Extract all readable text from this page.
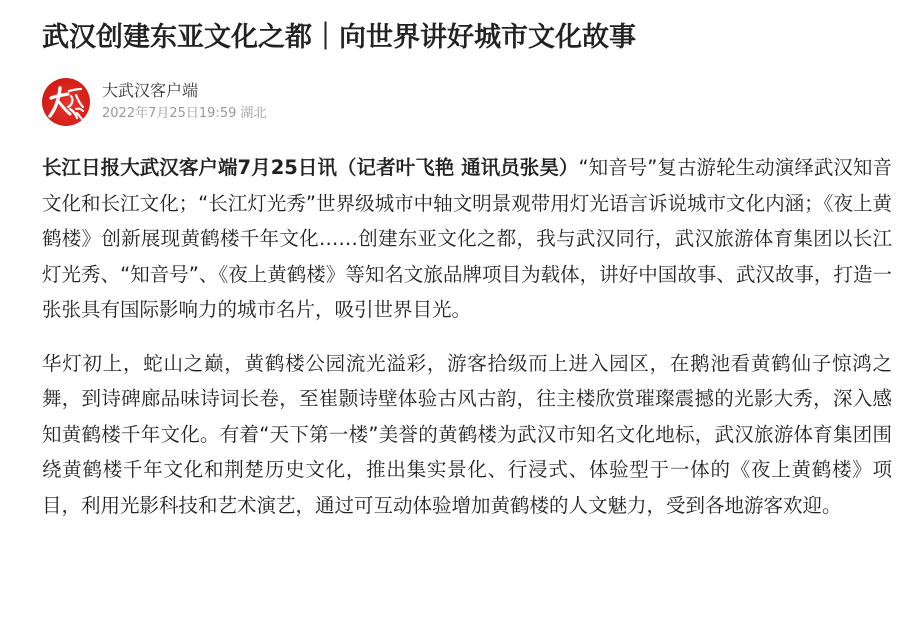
武汉创建东亚文化之都｜向世界讲好城市文化故事
大武汉客户端
2022年7月25日19:59 湖北

长江日报大武汉客户端7月25日讯（记者叶飞艳 通讯员张昊）“知音号”复古游轮生动演绎武汉知音文化和长江文化；“长江灯光秀”世界级城市中轴文明景观带用灯光语言诉说城市文化内涵；《夜上黄鹤楼》创新展现黄鹤楼千年文化……创建东亚文化之都，我与武汉同行，武汉旅游体育集团以长江灯光秀、“知音号”、《夜上黄鹤楼》等知名文旅品牌项目为载体，讲好中国故事、武汉故事，打造一张张具有国际影响力的城市名片，吸引世界目光。

华灯初上，蛇山之巅，黄鹤楼公园流光溢彩，游客拾级而上进入园区，在鹅池看黄鹤仙子惊鸿之舞，到诗碑廊品味诗词长卷，至崔颢诗壁体验古风古韵，往主楼欣赏璀璨震撼的光影大秀，深入感知黄鹤楼千年文化。有着“天下第一楼”美誉的黄鹤楼为武汉市知名文化地标，武汉旅游体育集团围绕黄鹤楼千年文化和荆楚历史文化，推出集实景化、行浸式、体验型于一体的《夜上黄鹤楼》项目，利用光影科技和艺术演艺，通过可互动体验增加黄鹤楼的人文魅力，受到各地游客欢迎。
